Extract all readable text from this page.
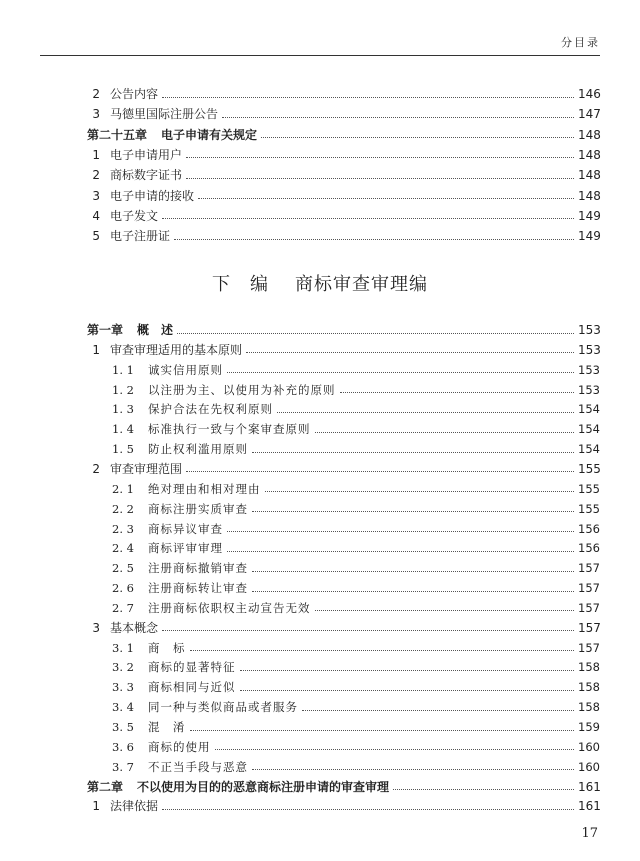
分目录
2 公告内容	146
3 马德里国际注册公告	147
第二十五章 电子申请有关规定	148
1 电子申请用户	148
2 商标数字证书	148
3 电子申请的接收	148
4 电子发文	149
5 电子注册证	149
第一章 概　述	153
1 审查审理适用的基本原则	153
1. 1	诚实信用原则	153
1. 2	以注册为主、以使用为补充的原则	153
1. 3	保护合法在先权利原则	154
1. 4	标准执行一致与个案审查原则	154
1. 5	防止权利滥用原则	154
2 审查审理范围	155
2. 1	绝对理由和相对理由	155
2. 2	商标注册实质审查	155
2. 3	商标异议审查	156
2. 4	商标评审审理	156
2. 5	注册商标撤销审查	157
2. 6	注册商标转让审查	157
2. 7	注册商标依职权主动宣告无效	157
3 基本概念	157
3. 1	商　标	157
3. 2	商标的显著特征	158
3. 3	商标相同与近似	158
3. 4	同一种与类似商品或者服务	158
3. 5	混　淆	159
3. 6	商标的使用	160
3. 7	不正当手段与恶意	160
第二章 不以使用为目的的恶意商标注册申请的审查审理	161
1 法律依据	161
下　编 商标审查审理编
17
